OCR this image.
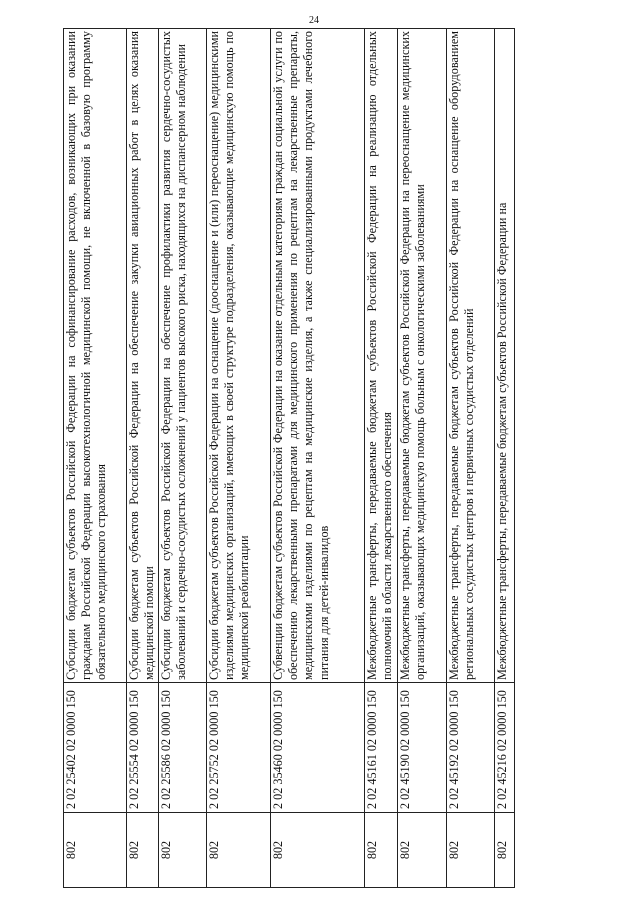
24
802	2 02 25402 02 0000 150	Субсидии бюджетам субъектов Российской Федерации на софинансирование расходов, возникающих при оказании гражданам Российской Федерации высокотехнологичной медицинской помощи, не включенной в базовую программу обязательного медицинского страхования
802	2 02 25554 02 0000 150	Субсидии бюджетам субъектов Российской Федерации на обеспечение закупки авиационных работ в целях оказания медицинской помощи
802	2 02 25586 02 0000 150	Субсидии бюджетам субъектов Российской Федерации на обеспечение профилактики развития сердечно-сосудистых заболеваний и сердечно-сосудистых осложнений у пациентов высокого риска, находящихся на диспансерном наблюдении
802	2 02 25752 02 0000 150	Субсидии бюджетам субъектов Российской Федерации на оснащение (дооснащение и (или) переоснащение) медицинскими изделиями медицинских организаций, имеющих в своей структуре подразделения, оказывающие медицинскую помощь по медицинской реабилитации
802	2 02 35460 02 0000 150	Субвенции бюджетам субъектов Российской Федерации на оказание отдельным категориям граждан социальной услуги по обеспечению лекарственными препаратами для медицинского применения по рецептам на лекарственные препараты, медицинскими изделиями по рецептам на медицинские изделия, а также специализированными продуктами лечебного питания для детей-инвалидов
802	2 02 45161 02 0000 150	Межбюджетные трансферты, передаваемые бюджетам субъектов Российской Федерации на реализацию отдельных полномочий в области лекарственного обеспечения
802	2 02 45190 02 0000 150	Межбюджетные трансферты, передаваемые бюджетам субъектов Российской Федерации на переоснащение медицинских организаций, оказывающих медицинскую помощь больным с онкологическими заболеваниями
802	2 02 45192 02 0000 150	Межбюджетные трансферты, передаваемые бюджетам субъектов Российской Федерации на оснащение оборудованием региональных сосудистых центров и первичных сосудистых отделений
802	2 02 45216 02 0000 150	Межбюджетные трансферты, передаваемые бюджетам субъектов Российской Федерации на
